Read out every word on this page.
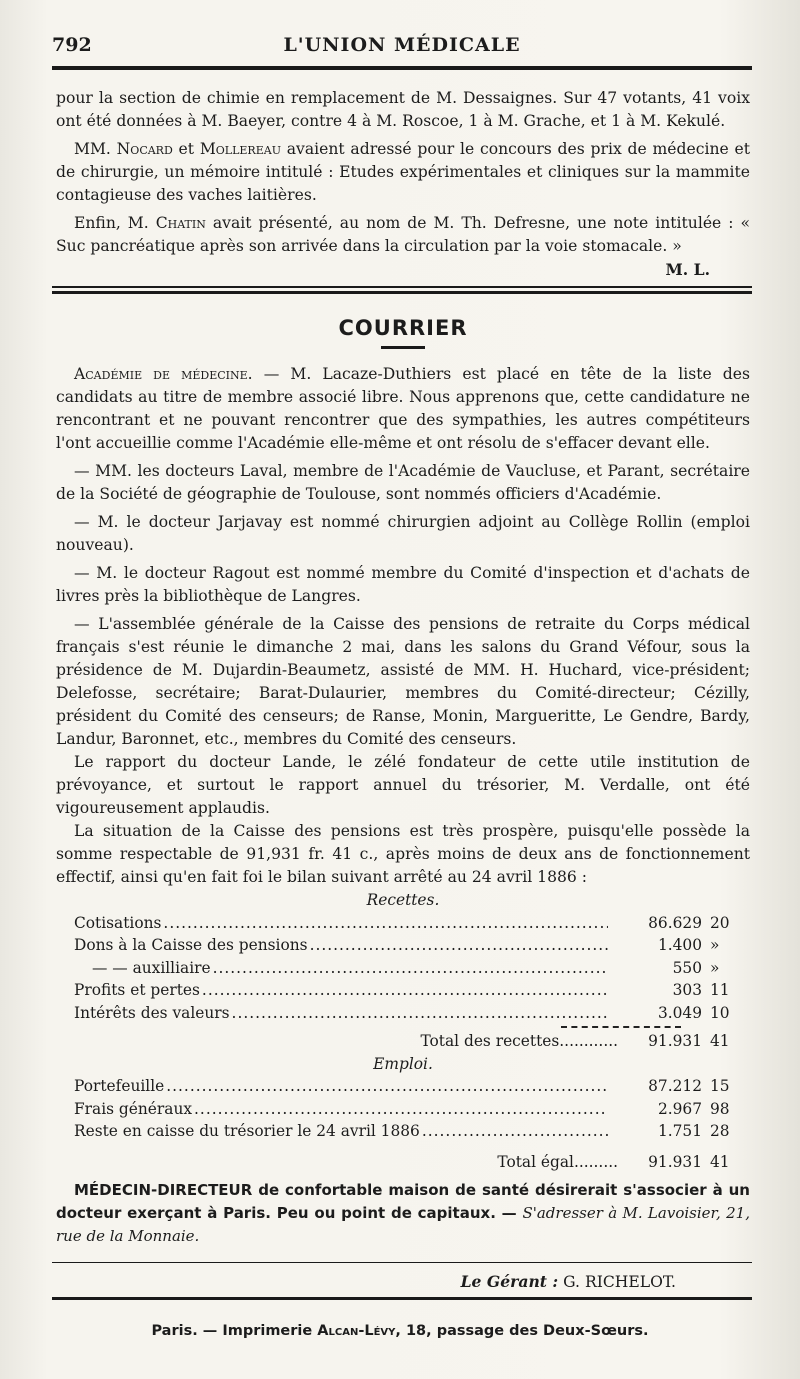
792	L'UNION MÉDICALE

pour la section de chimie en remplacement de M. Dessaignes. Sur 47 votants, 41 voix ont été données à M. Baeyer, contre 4 à M. Roscoe, 1 à M. Grache, et 1 à M. Kekulé.

MM. Nocard et Mollereau avaient adressé pour le concours des prix de médecine et de chirurgie, un mémoire intitulé : Etudes expérimentales et cliniques sur la mammite contagieuse des vaches laitières.

Enfin, M. Chatin avait présenté, au nom de M. Th. Defresne, une note intitulée : « Suc pancréatique après son arrivée dans la circulation par la voie stomacale. »

M. L.

COURRIER

Académie de médecine. — M. Lacaze-Duthiers est placé en tête de la liste des candidats au titre de membre associé libre. Nous apprenons que, cette candidature ne rencontrant et ne pouvant rencontrer que des sympathies, les autres compétiteurs l'ont accueillie comme l'Académie elle-même et ont résolu de s'effacer devant elle.

— MM. les docteurs Laval, membre de l'Académie de Vaucluse, et Parant, secrétaire de la Société de géographie de Toulouse, sont nommés officiers d'Académie.

— M. le docteur Jarjavay est nommé chirurgien adjoint au Collège Rollin (emploi nouveau).

— M. le docteur Ragout est nommé membre du Comité d'inspection et d'achats de livres près la bibliothèque de Langres.

— L'assemblée générale de la Caisse des pensions de retraite du Corps médical français s'est réunie le dimanche 2 mai, dans les salons du Grand Véfour, sous la présidence de M. Dujardin-Beaumetz, assisté de MM. H. Huchard, vice-président; Delefosse, secrétaire; Barat-Dulaurier, membres du Comité-directeur; Cézilly, président du Comité des censeurs; de Ranse, Monin, Margueritte, Le Gendre, Bardy, Landur, Baronnet, etc., membres du Comité des censeurs.

Le rapport du docteur Lande, le zélé fondateur de cette utile institution de prévoyance, et surtout le rapport annuel du trésorier, M. Verdalle, ont été vigoureusement applaudis.

La situation de la Caisse des pensions est très prospère, puisqu'elle possède la somme respectable de 91,931 fr. 41 c., après moins de deux ans de fonctionnement effectif, ainsi qu'en fait foi le bilan suivant arrêté au 24 avril 1886 :

Recettes.
Cotisations .....	86.629 20
Dons à la Caisse des pensions .....	1.400 »
— — auxilliaire .....	550 »
Profits et pertes .....	303 11
Intérêts des valeurs .....	3.049 10
Total des recettes............	91.931 41
Emploi.
Portefeuille .....	87.212 15
Frais généraux .....	2.967 98
Reste en caisse du trésorier le 24 avril 1886 .....	1.751 28
Total égal.........	91.931 41

MÉDECIN-DIRECTEUR de confortable maison de santé désirerait s'associer à un docteur exerçant à Paris. Peu ou point de capitaux. — S'adresser à M. Lavoisier, 21, rue de la Monnaie.

Le Gérant : G. RICHELOT.
Paris. — Imprimerie Alcan-Lévy, 18, passage des Deux-Sœurs.
